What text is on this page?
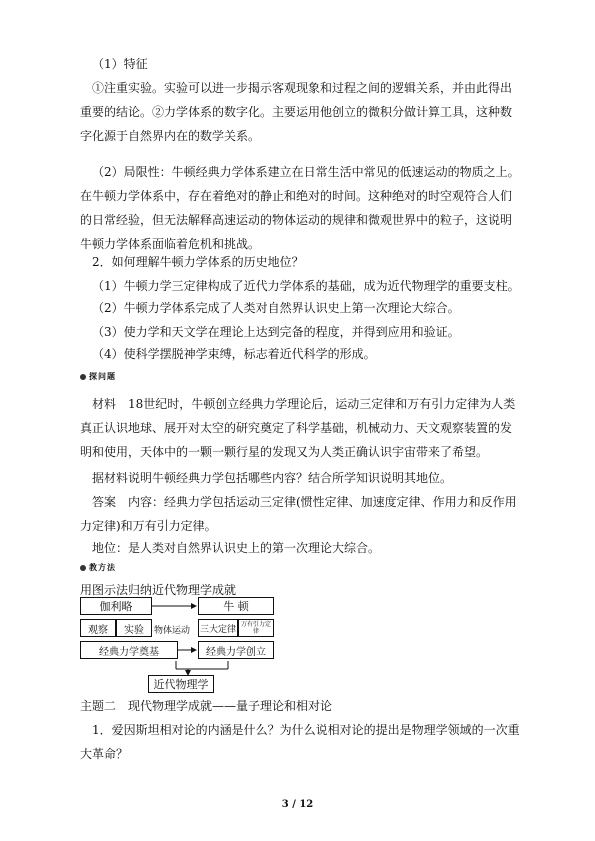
（1）特征

①注重实验。实验可以进一步揭示客观现象和过程之间的逻辑关系，并由此得出重要的结论。②力学体系的数字化。主要运用他创立的微积分做计算工具，这种数字化源于自然界内在的数学关系。

（2）局限性：牛顿经典力学体系建立在日常生活中常见的低速运动的物质之上。在牛顿力学体系中，存在着绝对的静止和绝对的时间。这种绝对的时空观符合人们的日常经验，但无法解释高速运动的物体运动的规律和微观世界中的粒子，这说明牛顿力学体系面临着危机和挑战。

2．如何理解牛顿力学体系的历史地位？

（1）牛顿力学三定律构成了近代力学体系的基础，成为近代物理学的重要支柱。

（2）牛顿力学体系完成了人类对自然界认识史上第一次理论大综合。

（3）使力学和天文学在理论上达到完备的程度，并得到应用和验证。

（4）使科学摆脱神学束缚，标志着近代科学的形成。

探问题

材料　18世纪时，牛顿创立经典力学理论后，运动三定律和万有引力定律为人类真正认识地球、展开对太空的研究奠定了科学基础，机械动力、天文观察装置的发明和使用，天体中的一颗一颗行星的发现又为人类正确认识宇宙带来了希望。

据材料说明牛顿经典力学包括哪些内容？结合所学知识说明其地位。

答案　内容：经典力学包括运动三定律(惯性定律、加速度定律、作用力和反作用力定律)和万有引力定律。

地位：是人类对自然界认识史上的第一次理论大综合。

教方法

用图示法归纳近代物理学成就

伽利略	牛 顿
观察	实验	物体运动 三大定律 万有引力定律
经典力学奠基	经典力学创立
近代物理学

主题二　现代物理学成就——量子理论和相对论

1．爱因斯坦相对论的内涵是什么？为什么说相对论的提出是物理学领域的一次重大革命？

3 / 12
